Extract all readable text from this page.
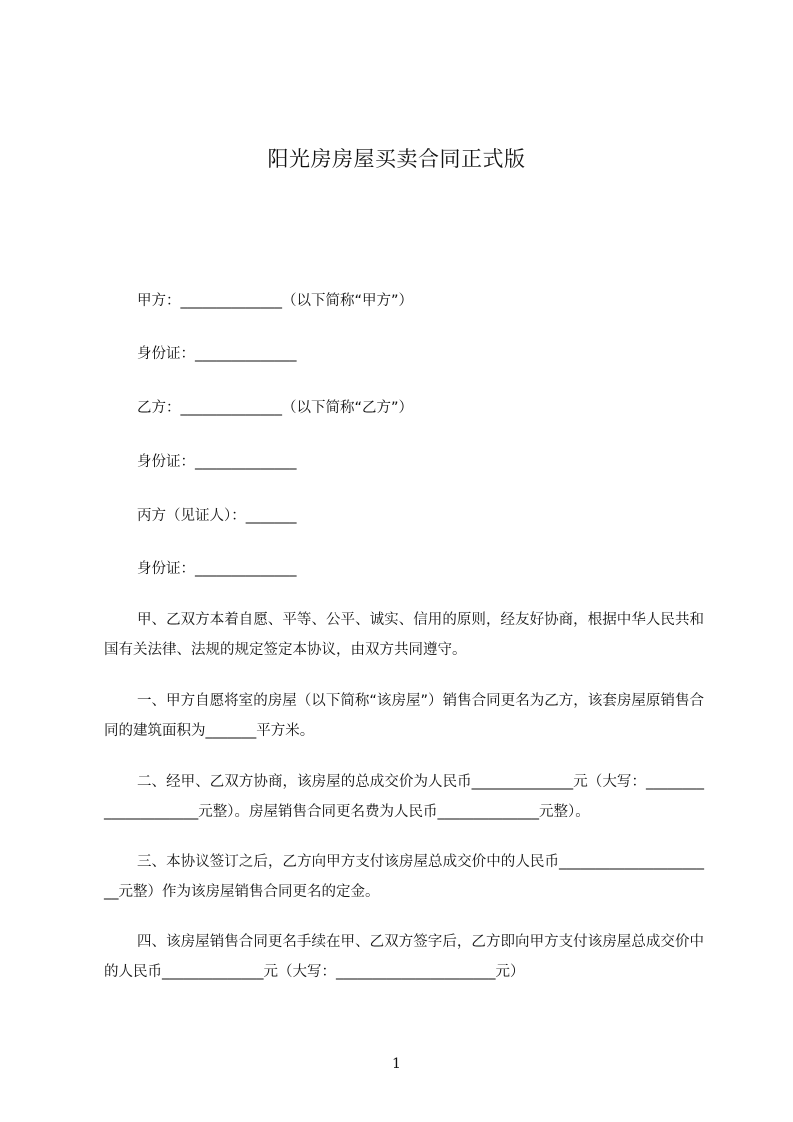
阳光房房屋买卖合同正式版
甲方：______________（以下简称“甲方”）
身份证：______________
乙方：______________（以下简称“乙方”）
身份证：______________
丙方（见证人）：_______
身份证：______________
甲、乙双方本着自愿、平等、公平、诚实、信用的原则，经友好协商，根据中华人民共和国有关法律、法规的规定签定本协议，由双方共同遵守。
一、甲方自愿将室的房屋（以下简称“该房屋”）销售合同更名为乙方，该套房屋原销售合同的建筑面积为_______平方米。
二、经甲、乙双方协商，该房屋的总成交价为人民币______________元（大写：_____________________元整）。房屋销售合同更名费为人民币______________元整）。
三、本协议签订之后，乙方向甲方支付该房屋总成交价中的人民币______________________元整）作为该房屋销售合同更名的定金。
四、该房屋销售合同更名手续在甲、乙双方签字后，乙方即向甲方支付该房屋总成交价中的人民币______________元（大写：______________________元）
1
